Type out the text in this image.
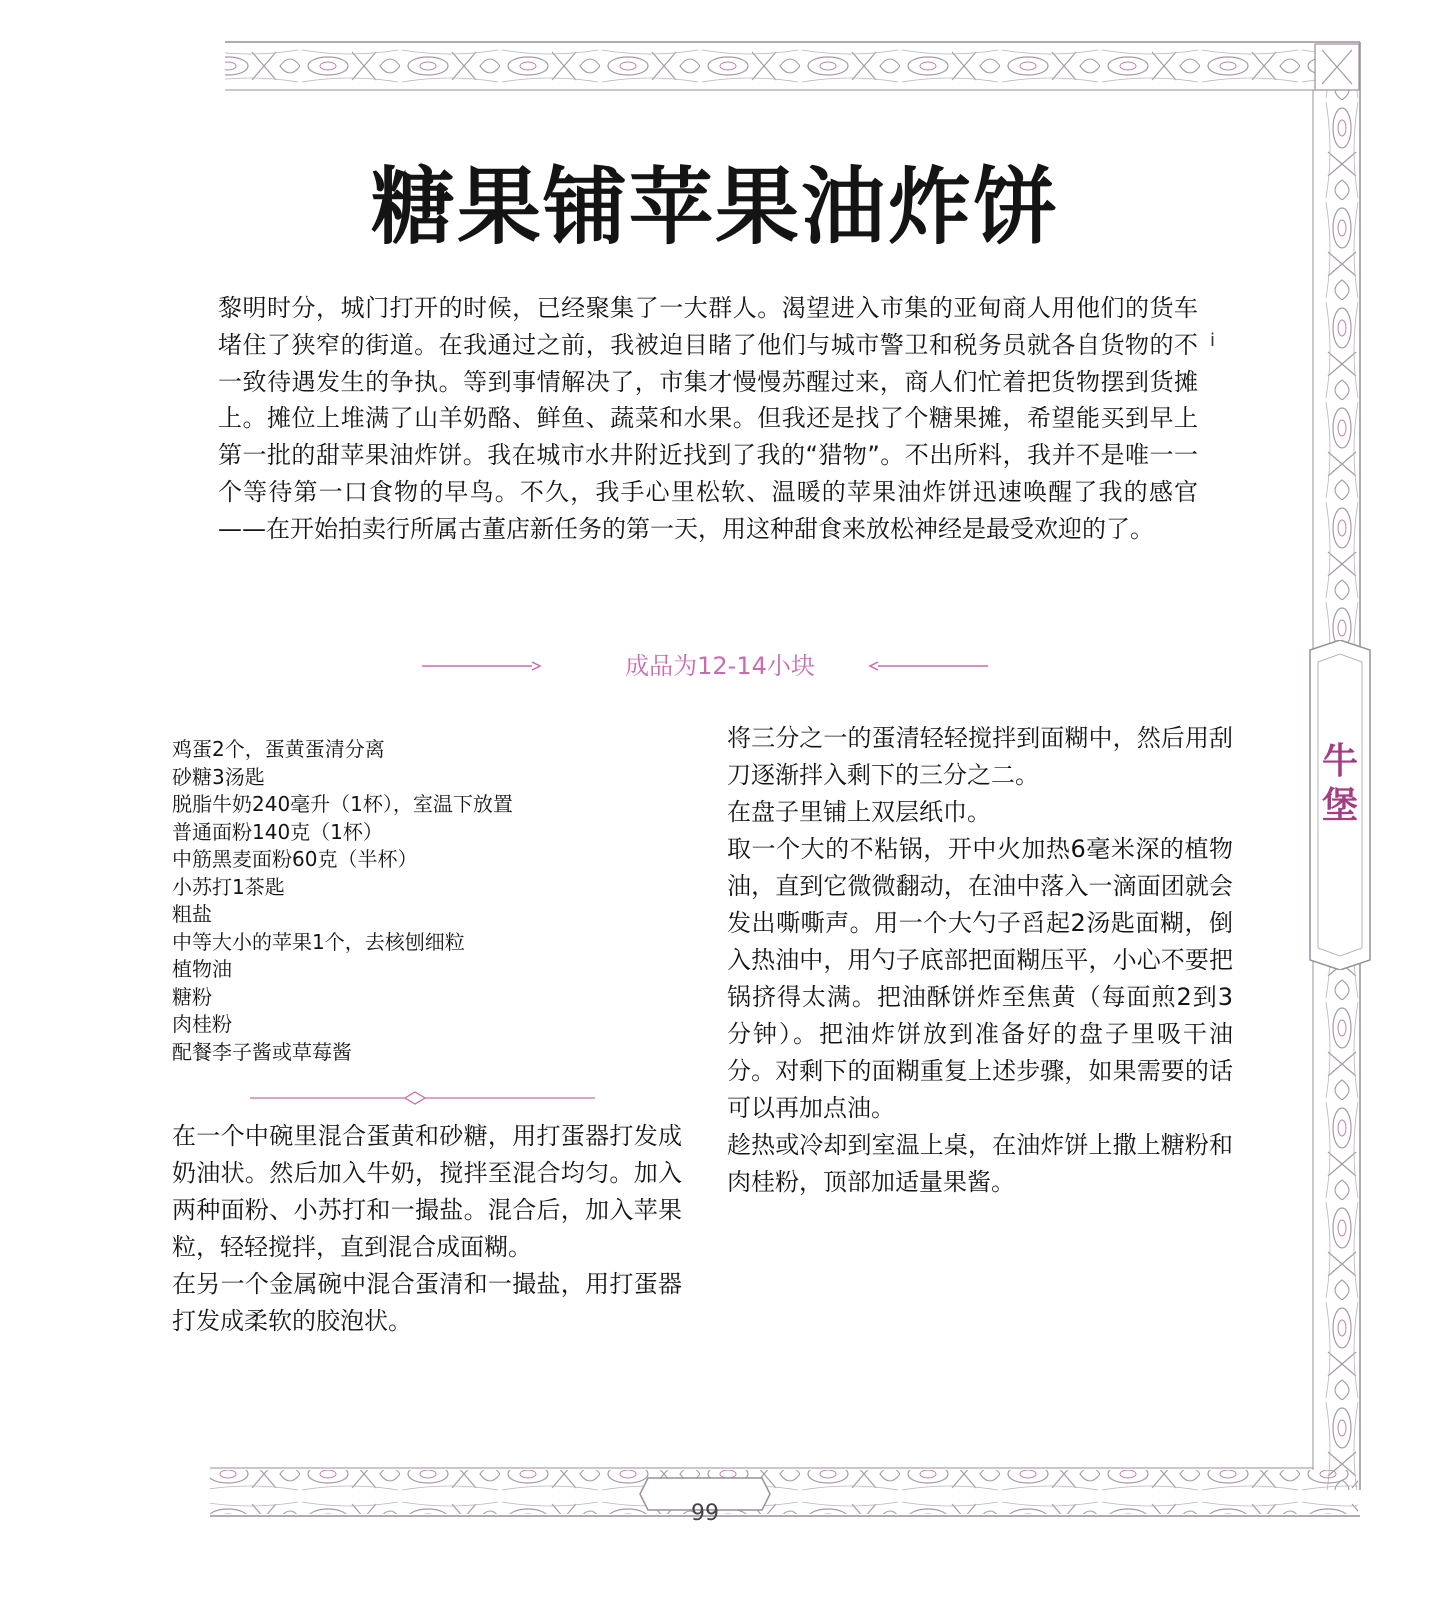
牛堡
糖果铺苹果油炸饼

黎明时分，城门打开的时候，已经聚集了一大群人。渴望进入市集的亚甸商人用他们的货车堵住了狭窄的街道。在我通过之前，我被迫目睹了他们与城市警卫和税务员就各自货物的不一致待遇发生的争执。等到事情解决了，市集才慢慢苏醒过来，商人们忙着把货物摆到货摊上。摊位上堆满了山羊奶酪、鲜鱼、蔬菜和水果。但我还是找了个糖果摊，希望能买到早上第一批的甜苹果油炸饼。我在城市水井附近找到了我的“猎物”。不出所料，我并不是唯一一个等待第一口食物的早鸟。不久，我手心里松软、温暖的苹果油炸饼迅速唤醒了我的感官——在开始拍卖行所属古董店新任务的第一天，用这种甜食来放松神经是最受欢迎的了。

i
成品为12-14小块
鸡蛋2个，蛋黄蛋清分离
砂糖3汤匙
脱脂牛奶240毫升（1杯），室温下放置
普通面粉140克（1杯）
中筋黑麦面粉60克（半杯）
小苏打1茶匙
粗盐
中等大小的苹果1个，去核刨细粒
植物油
糖粉
肉桂粉
配餐李子酱或草莓酱

在一个中碗里混合蛋黄和砂糖，用打蛋器打发成奶油状。然后加入牛奶，搅拌至混合均匀。加入两种面粉、小苏打和一撮盐。混合后，加入苹果粒，轻轻搅拌，直到混合成面糊。

在另一个金属碗中混合蛋清和一撮盐，用打蛋器打发成柔软的胶泡状。

将三分之一的蛋清轻轻搅拌到面糊中，然后用刮刀逐渐拌入剩下的三分之二。

在盘子里铺上双层纸巾。

取一个大的不粘锅，开中火加热6毫米深的植物油，直到它微微翻动，在油中落入一滴面团就会发出嘶嘶声。用一个大勺子舀起2汤匙面糊，倒入热油中，用勺子底部把面糊压平，小心不要把锅挤得太满。把油酥饼炸至焦黄（每面煎2到3分钟）。把油炸饼放到准备好的盘子里吸干油分。对剩下的面糊重复上述步骤，如果需要的话可以再加点油。

趁热或冷却到室温上桌，在油炸饼上撒上糖粉和肉桂粉，顶部加适量果酱。

99
